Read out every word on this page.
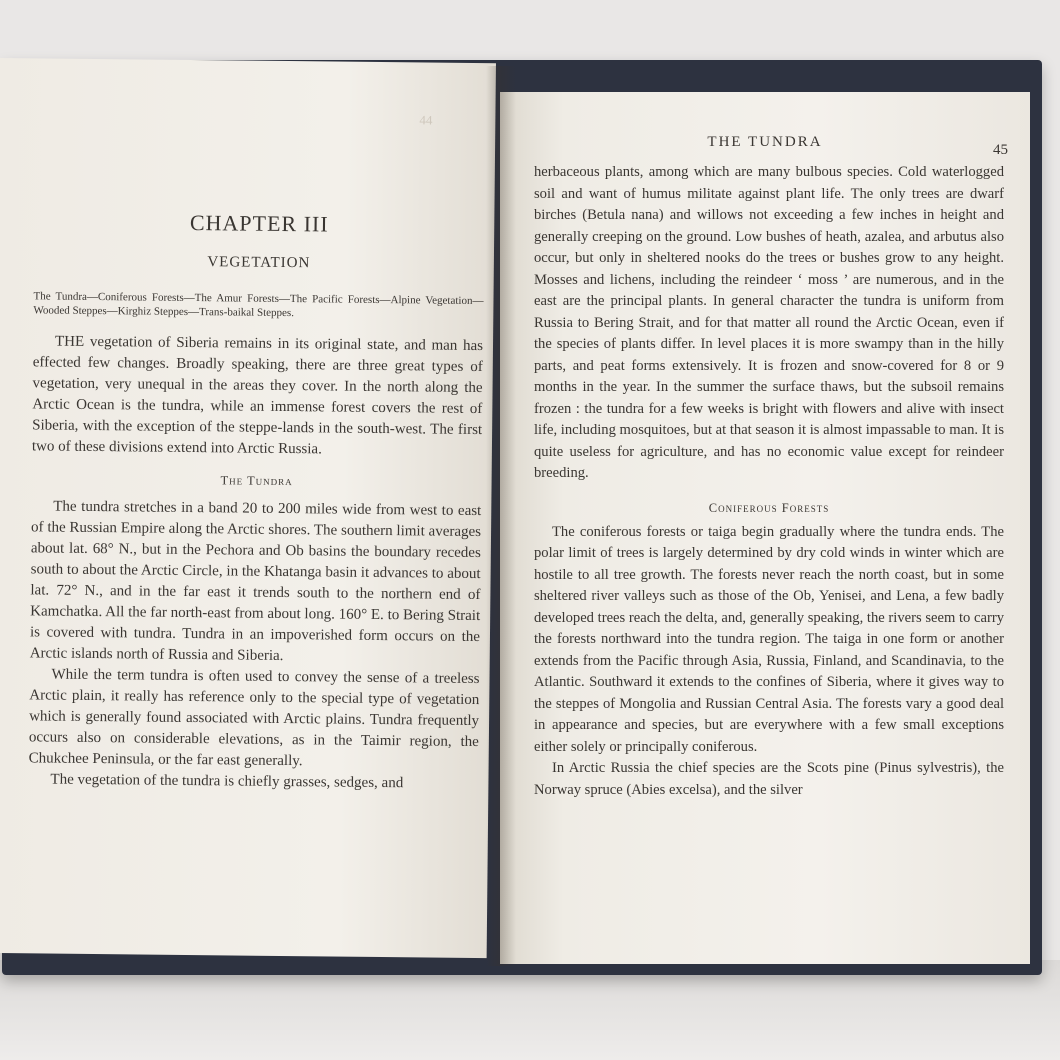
44
CHAPTER III
VEGETATION

The Tundra—Coniferous Forests—The Amur Forests—The Pacific Forests—Alpine Vegetation—Wooded Steppes—Kirghiz Steppes—Trans-baikal Steppes.

THE vegetation of Siberia remains in its original state, and man has effected few changes. Broadly speaking, there are three great types of vegetation, very unequal in the areas they cover. In the north along the Arctic Ocean is the tundra, while an immense forest covers the rest of Siberia, with the exception of the steppe-lands in the south-west. The first two of these divisions extend into Arctic Russia.

The Tundra

The tundra stretches in a band 20 to 200 miles wide from west to east of the Russian Empire along the Arctic shores. The southern limit averages about lat. 68° N., but in the Pechora and Ob basins the boundary recedes south to about the Arctic Circle, in the Khatanga basin it advances to about lat. 72° N., and in the far east it trends south to the northern end of Kamchatka. All the far north-east from about long. 160° E. to Bering Strait is covered with tundra. Tundra in an impoverished form occurs on the Arctic islands north of Russia and Siberia.

While the term tundra is often used to convey the sense of a treeless Arctic plain, it really has reference only to the special type of vegetation which is generally found associated with Arctic plains. Tundra frequently occurs also on considerable elevations, as in the Taimir region, the Chukchee Peninsula, or the far east generally.

The vegetation of the tundra is chiefly grasses, sedges, and

THE TUNDRA	45

herbaceous plants, among which are many bulbous species. Cold waterlogged soil and want of humus militate against plant life. The only trees are dwarf birches (Betula nana) and willows not exceeding a few inches in height and generally creeping on the ground. Low bushes of heath, azalea, and arbutus also occur, but only in sheltered nooks do the trees or bushes grow to any height. Mosses and lichens, including the reindeer ‘ moss ’ are numerous, and in the east are the principal plants. In general character the tundra is uniform from Russia to Bering Strait, and for that matter all round the Arctic Ocean, even if the species of plants differ. In level places it is more swampy than in the hilly parts, and peat forms extensively. It is frozen and snow-covered for 8 or 9 months in the year. In the summer the surface thaws, but the subsoil remains frozen : the tundra for a few weeks is bright with flowers and alive with insect life, including mosquitoes, but at that season it is almost impassable to man. It is quite useless for agriculture, and has no economic value except for reindeer breeding.

Coniferous Forests

The coniferous forests or taiga begin gradually where the tundra ends. The polar limit of trees is largely determined by dry cold winds in winter which are hostile to all tree growth. The forests never reach the north coast, but in some sheltered river valleys such as those of the Ob, Yenisei, and Lena, a few badly developed trees reach the delta, and, generally speaking, the rivers seem to carry the forests northward into the tundra region. The taiga in one form or another extends from the Pacific through Asia, Russia, Finland, and Scandinavia, to the Atlantic. Southward it extends to the confines of Siberia, where it gives way to the steppes of Mongolia and Russian Central Asia. The forests vary a good deal in appearance and species, but are everywhere with a few small exceptions either solely or principally coniferous.

In Arctic Russia the chief species are the Scots pine (Pinus sylvestris), the Norway spruce (Abies excelsa), and the silver
